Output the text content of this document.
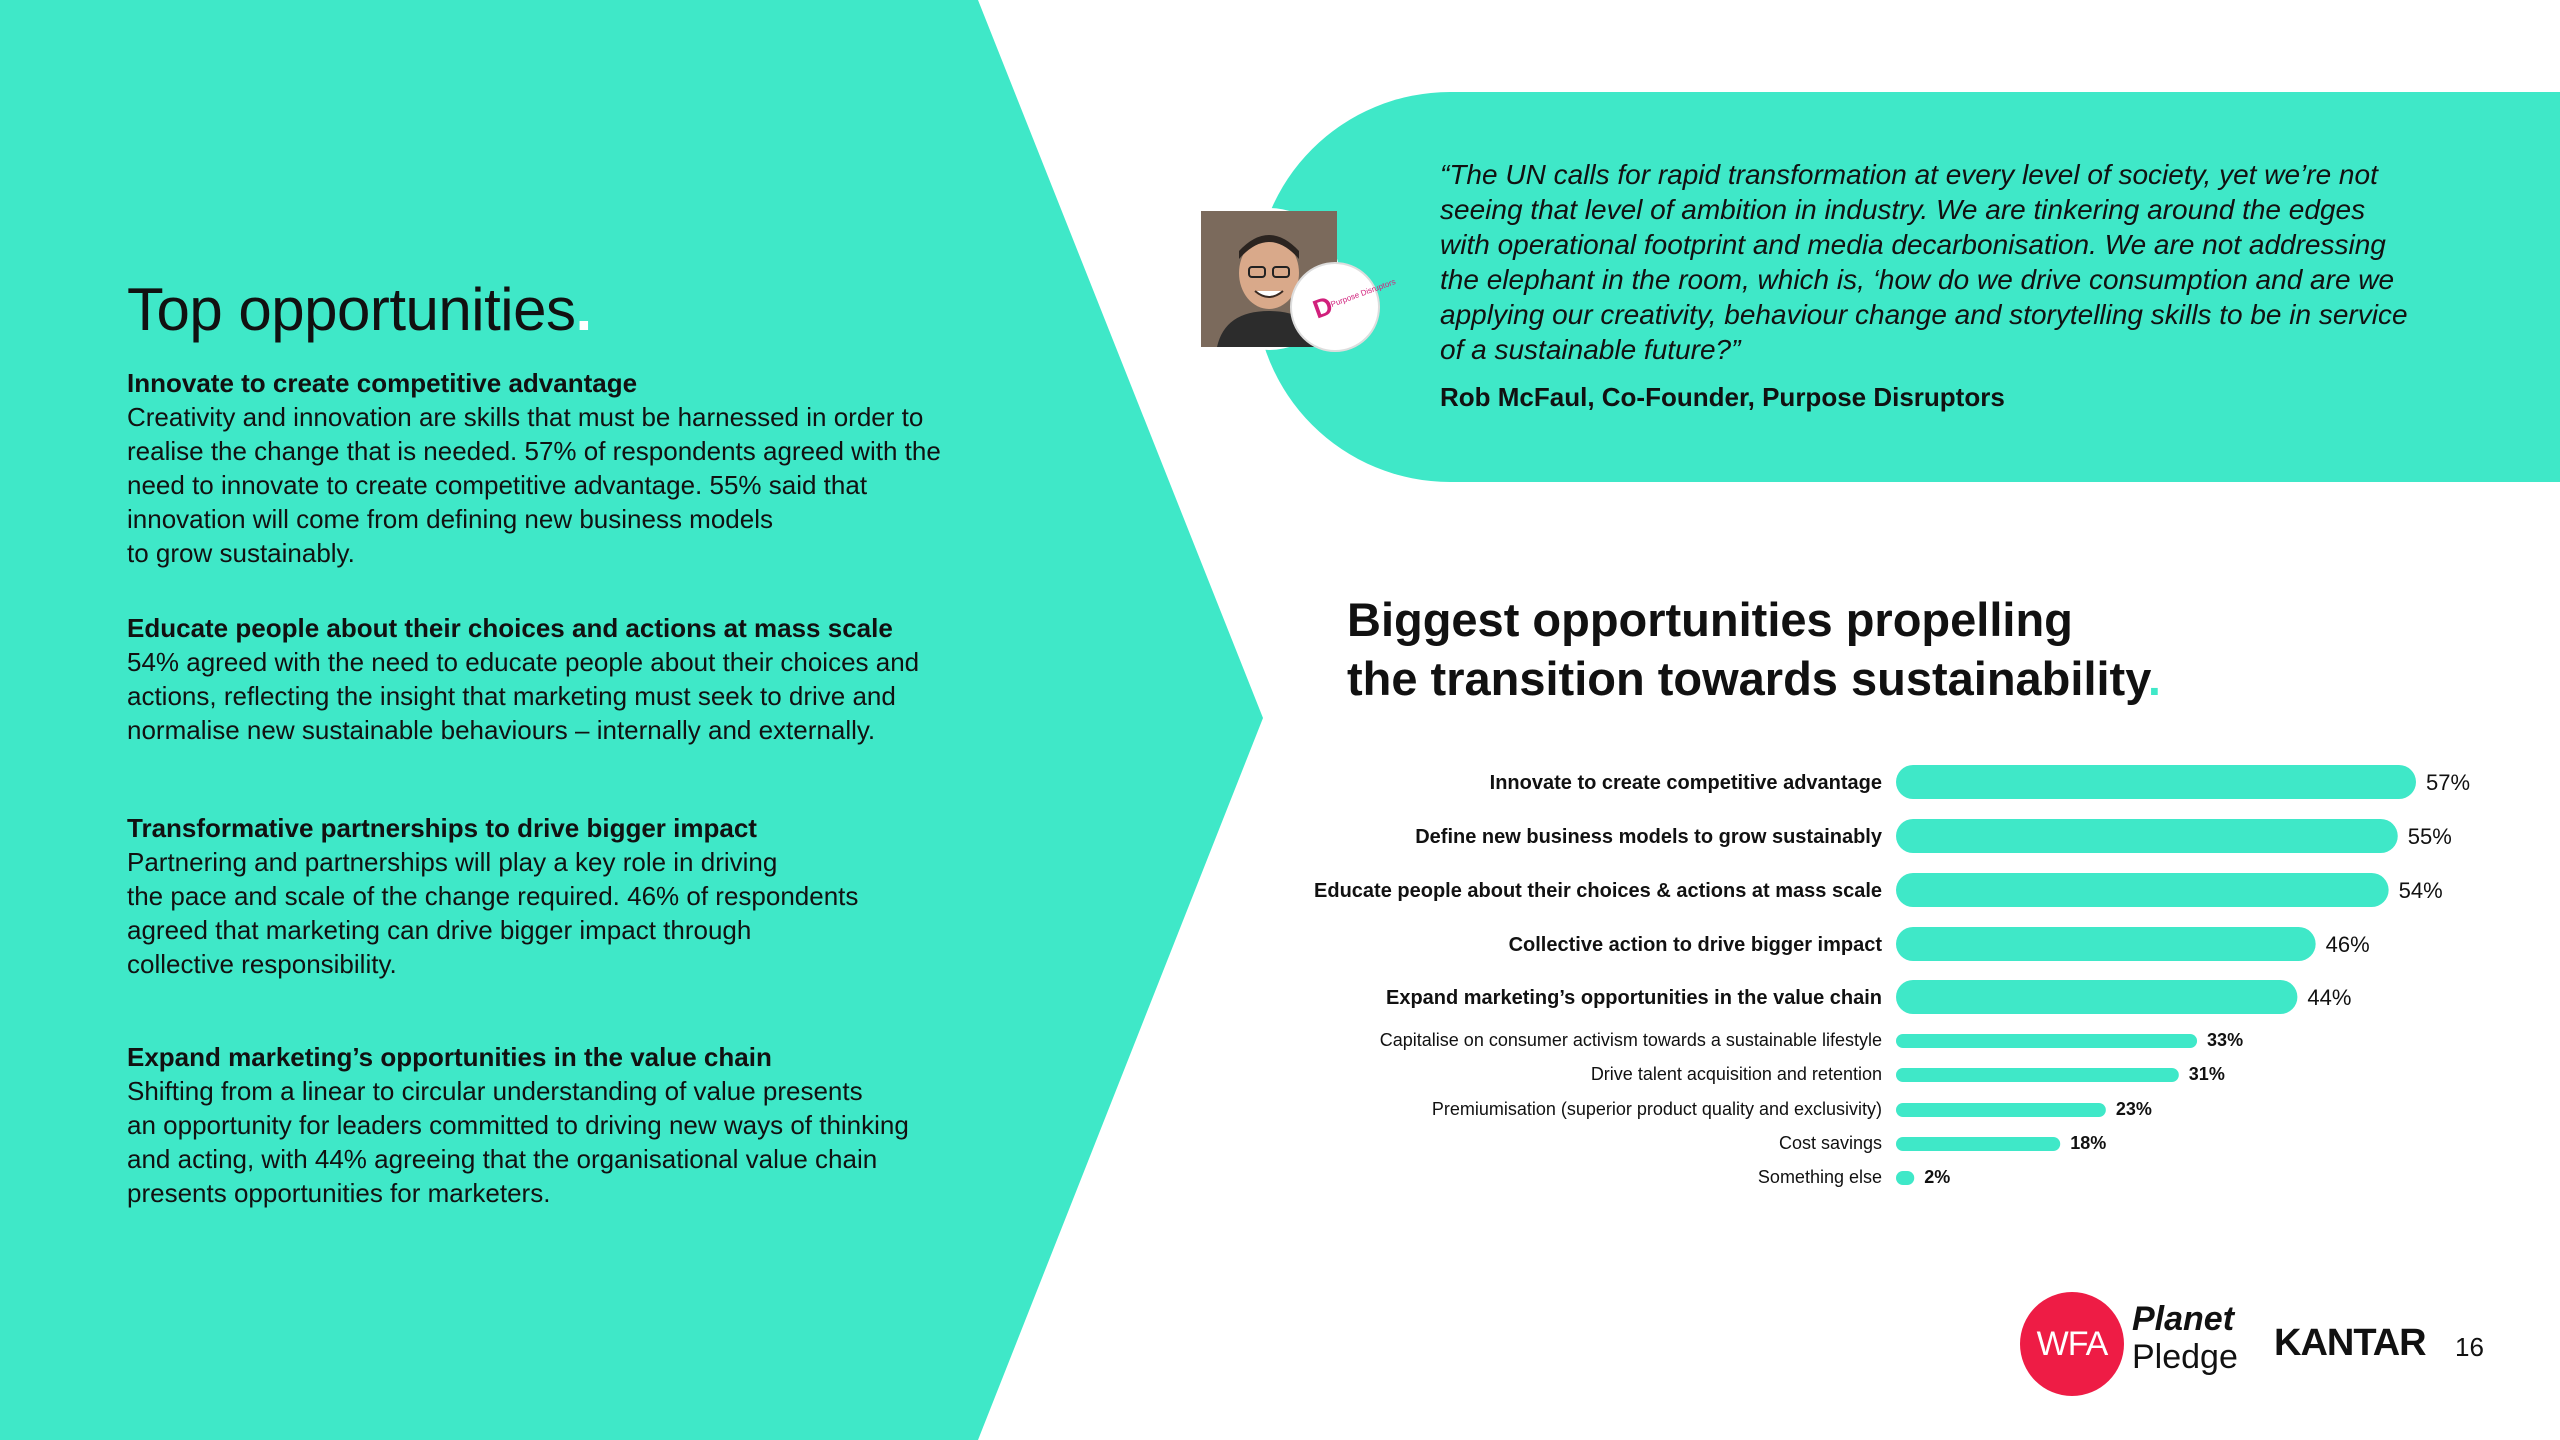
Top opportunities.
Innovate to create competitive advantage
Creativity and innovation are skills that must be harnessed in order to
realise the change that is needed. 57% of respondents agreed with the
need to innovate to create competitive advantage. 55% said that
innovation will come from defining new business models
to grow sustainably.
Educate people about their choices and actions at mass scale
54% agreed with the need to educate people about their choices and
actions, reflecting the insight that marketing must seek to drive and
normalise new sustainable behaviours – internally and externally.
Transformative partnerships to drive bigger impact
Partnering and partnerships will play a key role in driving
the pace and scale of the change required. 46% of respondents
agreed that marketing can drive bigger impact through
collective responsibility.
Expand marketing’s opportunities in the value chain
Shifting from a linear to circular understanding of value presents
an opportunity for leaders committed to driving new ways of thinking
and acting, with 44% agreeing that the organisational value chain
presents opportunities for marketers.

“The UN calls for rapid transformation at every level of society, yet we’re not
seeing that level of ambition in industry. We are tinkering around the edges
with operational footprint and media decarbonisation. We are not addressing
the elephant in the room, which is, ‘how do we drive consumption and are we
applying our creativity, behaviour change and storytelling skills to be in service
of a sustainable future?”

Rob McFaul, Co-Founder, Purpose Disruptors
D
Purpose Disruptors
Biggest opportunities propelling
the transition towards sustainability.
Innovate to create competitive advantage	57%
Define new business models to grow sustainably	55%
Educate people about their choices & actions at mass scale	54%
Collective action to drive bigger impact	46%
Expand marketing’s opportunities in the value chain	44%
Capitalise on consumer activism towards a sustainable lifestyle	33%
Drive talent acquisition and retention	31%
Premiumisation (superior product quality and exclusivity)	23%
Cost savings	18%
Something else 2%
WFA
Planet
Pledge KANTAR 16
